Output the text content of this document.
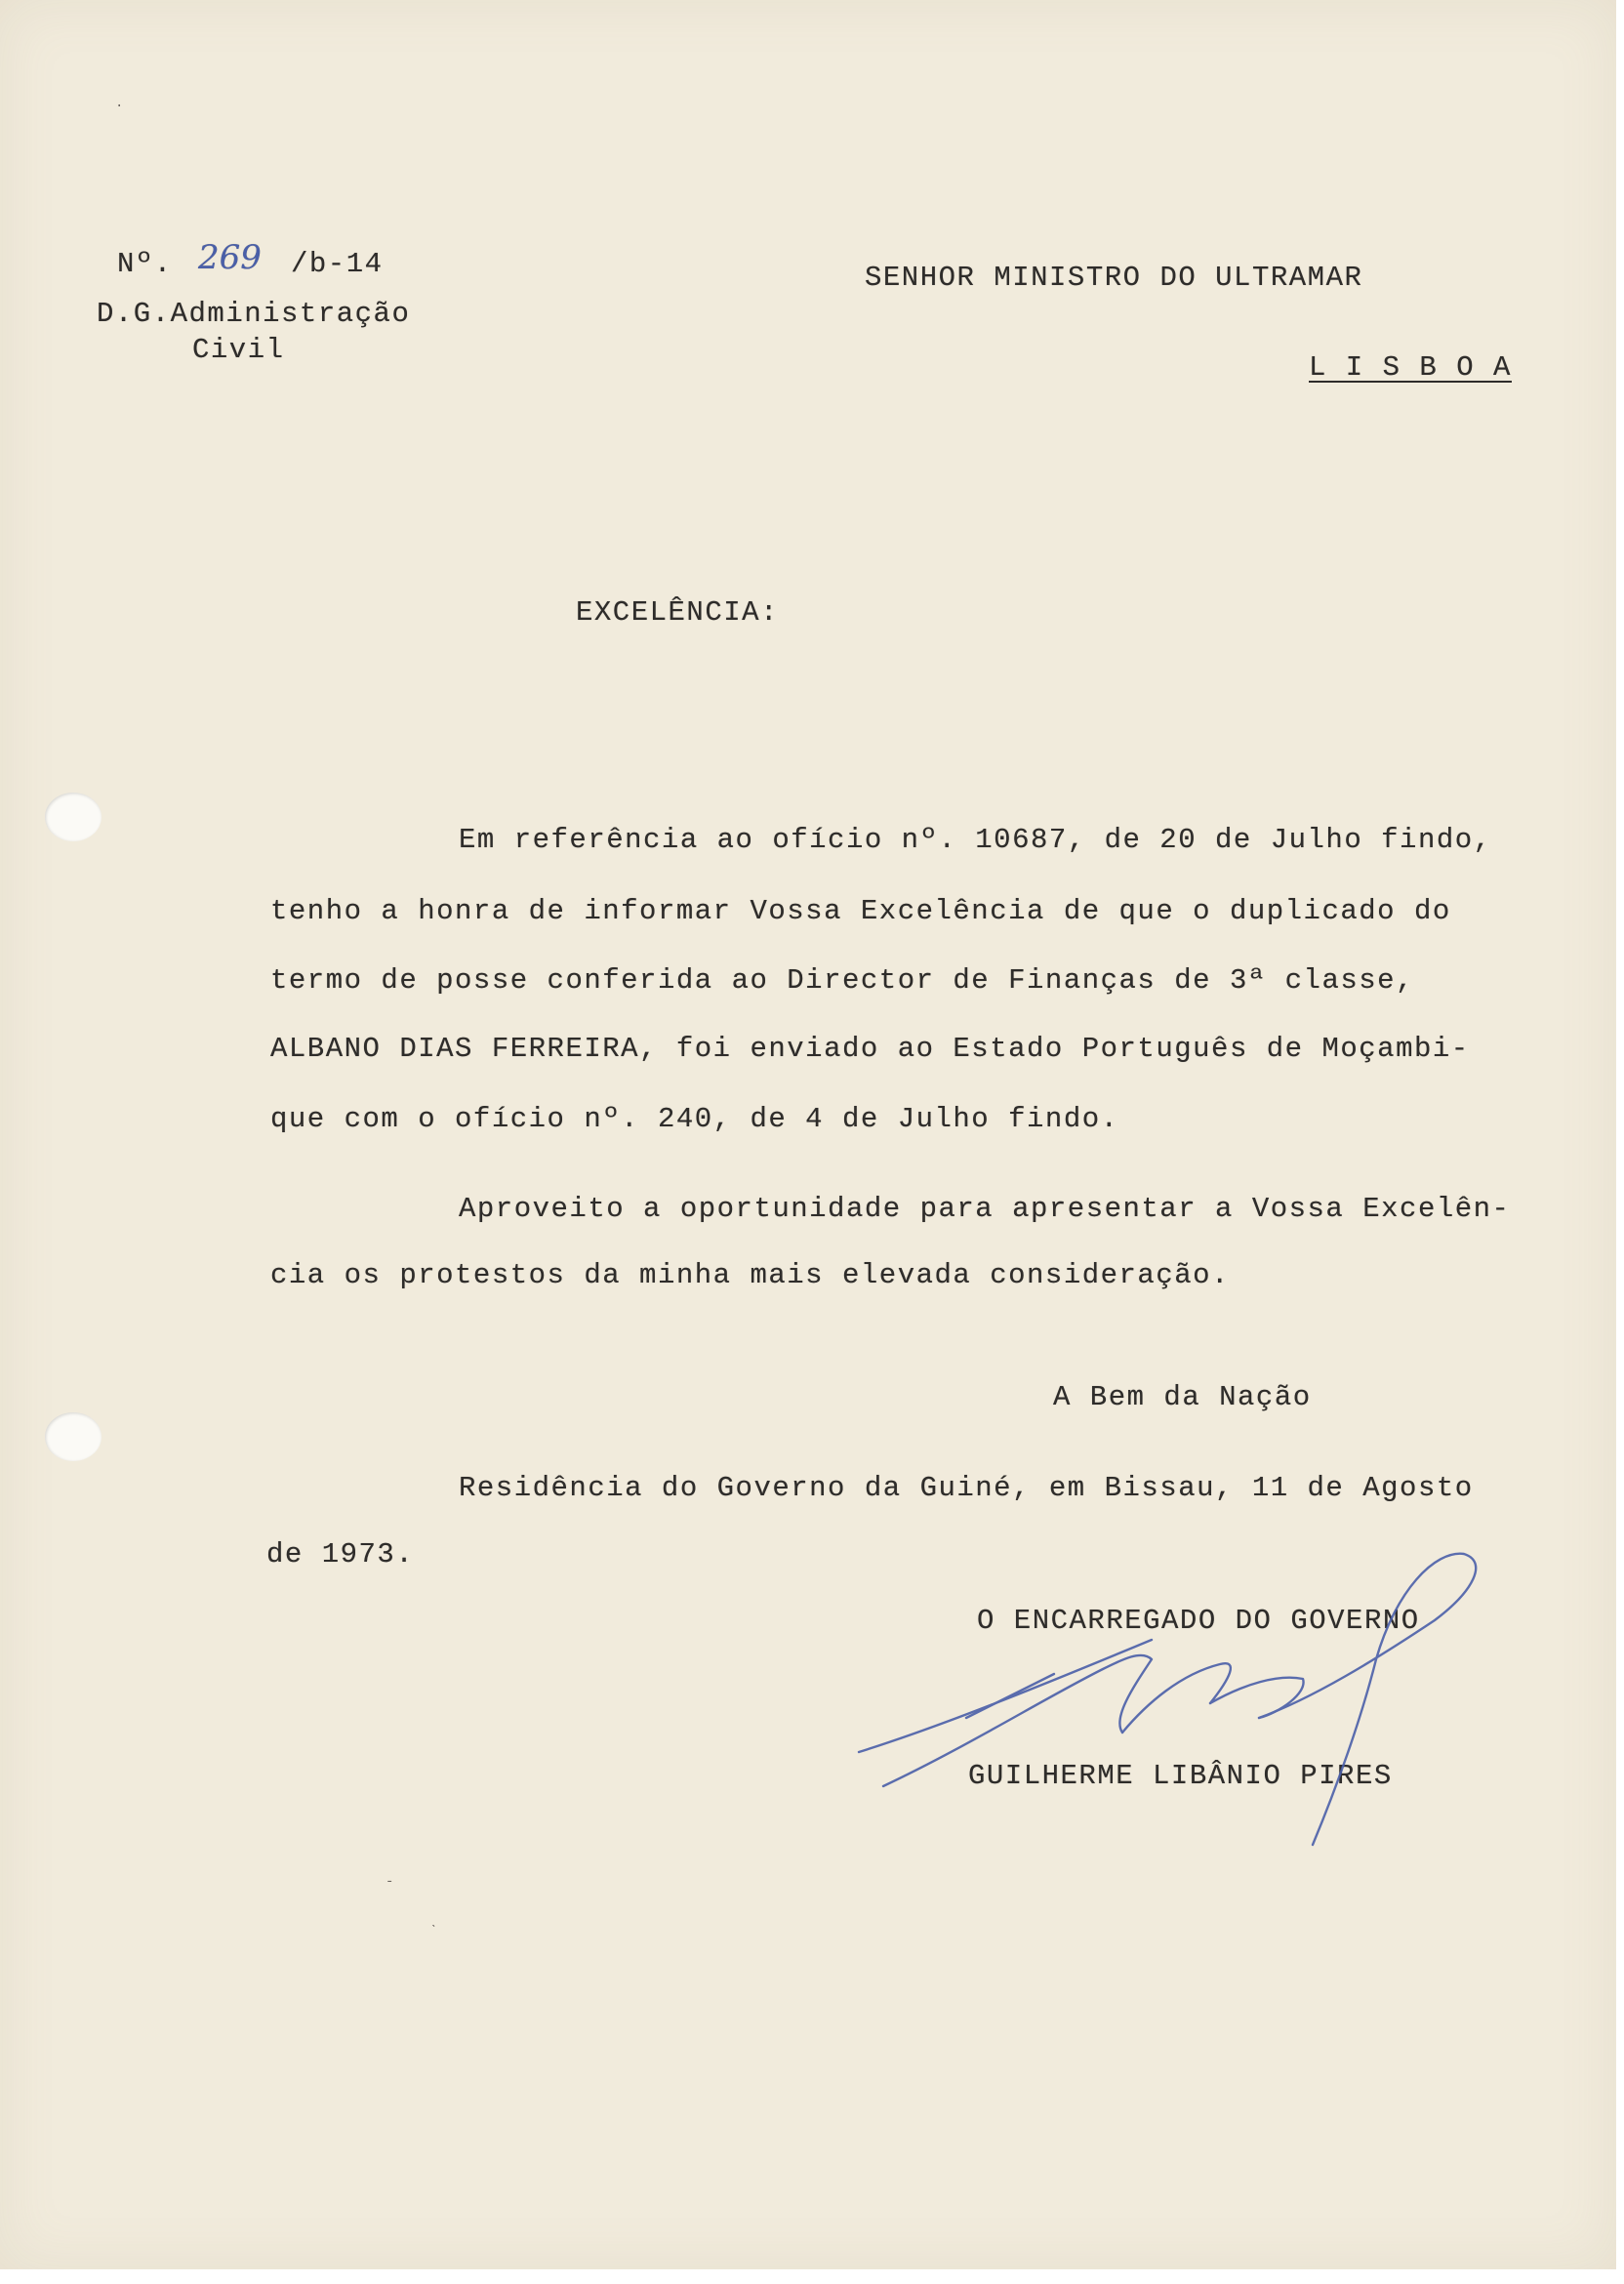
Nº. 269 /b-14
D.G.Administração
Civil
SENHOR MINISTRO DO ULTRAMAR
L I S B O A
EXCELÊNCIA:
Em referência ao ofício nº. 10687, de 20 de Julho findo,
tenho a honra de informar Vossa Excelência de que o duplicado do
termo de posse conferida ao Director de Finanças de 3ª classe,
ALBANO DIAS FERREIRA, foi enviado ao Estado Português de Moçambi-
que com o ofício nº. 240, de 4 de Julho findo.
Aproveito a oportunidade para apresentar a Vossa Excelên-
cia os protestos da minha mais elevada consideração.
A Bem da Nação
Residência do Governo da Guiné, em Bissau, 11 de Agosto
de 1973.
O ENCARREGADO DO GOVERNO
GUILHERME LIBÂNIO PIRES
·
‐
ˎ
